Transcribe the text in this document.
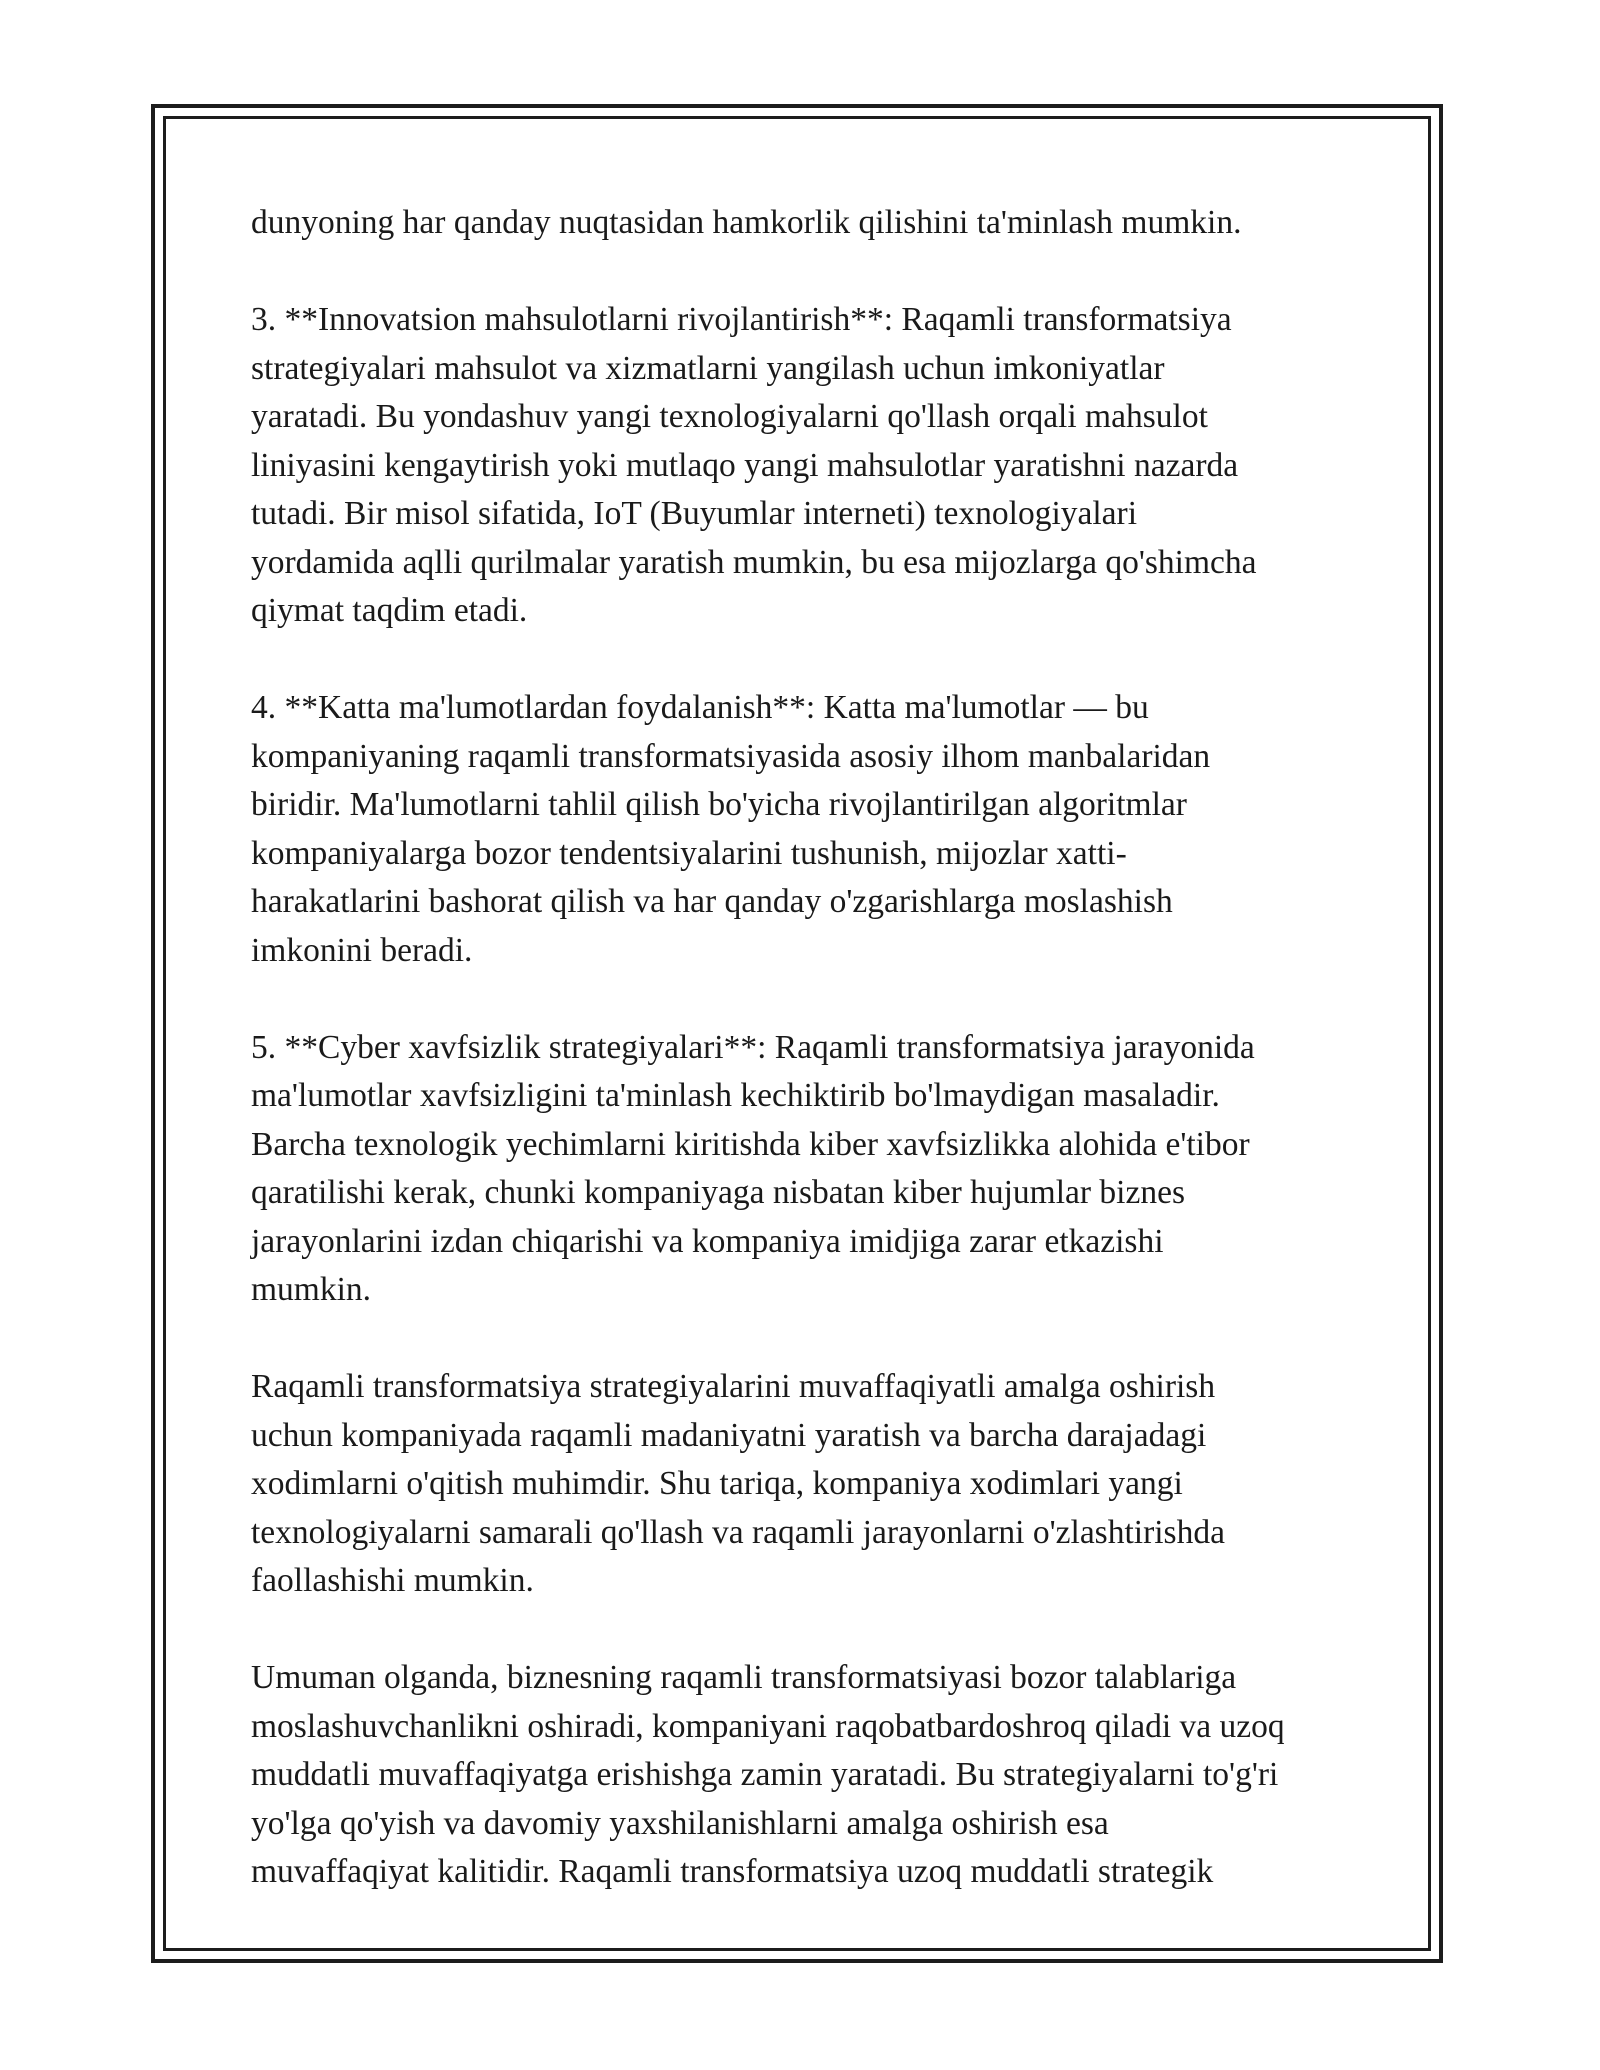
dunyoning har qanday nuqtasidan hamkorlik qilishini ta'minlash mumkin.

3. **Innovatsion mahsulotlarni rivojlantirish**: Raqamli transformatsiya
strategiyalari mahsulot va xizmatlarni yangilash uchun imkoniyatlar
yaratadi. Bu yondashuv yangi texnologiyalarni qo'llash orqali mahsulot
liniyasini kengaytirish yoki mutlaqo yangi mahsulotlar yaratishni nazarda
tutadi. Bir misol sifatida, IoT (Buyumlar interneti) texnologiyalari
yordamida aqlli qurilmalar yaratish mumkin, bu esa mijozlarga qo'shimcha
qiymat taqdim etadi.

4. **Katta ma'lumotlardan foydalanish**: Katta ma'lumotlar — bu
kompaniyaning raqamli transformatsiyasida asosiy ilhom manbalaridan
biridir. Ma'lumotlarni tahlil qilish bo'yicha rivojlantirilgan algoritmlar
kompaniyalarga bozor tendentsiyalarini tushunish, mijozlar xatti-
harakatlarini bashorat qilish va har qanday o'zgarishlarga moslashish
imkonini beradi.

5. **Cyber xavfsizlik strategiyalari**: Raqamli transformatsiya jarayonida
ma'lumotlar xavfsizligini ta'minlash kechiktirib bo'lmaydigan masaladir.
Barcha texnologik yechimlarni kiritishda kiber xavfsizlikka alohida e'tibor
qaratilishi kerak, chunki kompaniyaga nisbatan kiber hujumlar biznes
jarayonlarini izdan chiqarishi va kompaniya imidjiga zarar etkazishi
mumkin.

Raqamli transformatsiya strategiyalarini muvaffaqiyatli amalga oshirish
uchun kompaniyada raqamli madaniyatni yaratish va barcha darajadagi
xodimlarni o'qitish muhimdir. Shu tariqa, kompaniya xodimlari yangi
texnologiyalarni samarali qo'llash va raqamli jarayonlarni o'zlashtirishda
faollashishi mumkin.

Umuman olganda, biznesning raqamli transformatsiyasi bozor talablariga
moslashuvchanlikni oshiradi, kompaniyani raqobatbardoshroq qiladi va uzoq
muddatli muvaffaqiyatga erishishga zamin yaratadi. Bu strategiyalarni to'g'ri
yo'lga qo'yish va davomiy yaxshilanishlarni amalga oshirish esa
muvaffaqiyat kalitidir. Raqamli transformatsiya uzoq muddatli strategik
